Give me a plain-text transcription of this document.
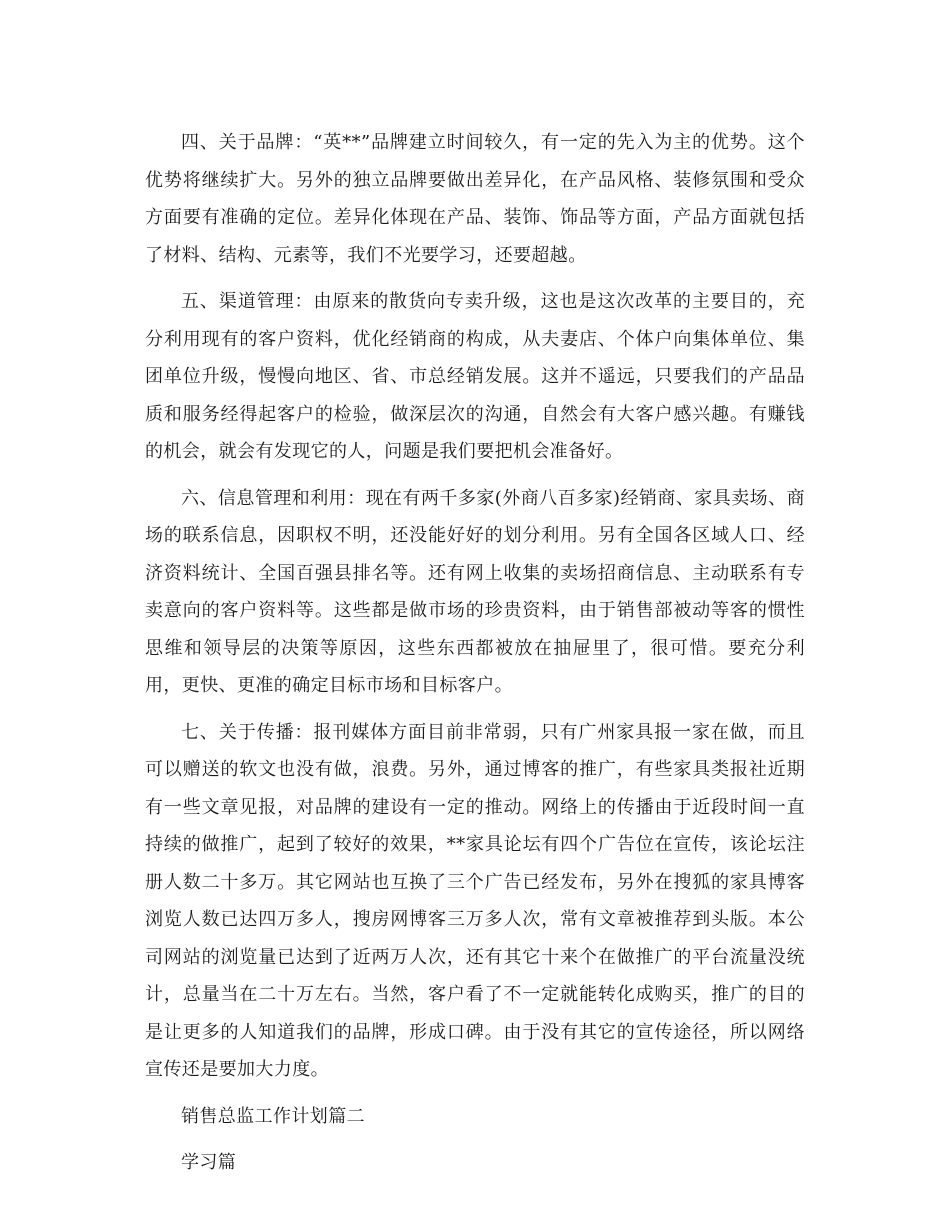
四、关于品牌：“英**”品牌建立时间较久，有一定的先入为主的优势。这个优势将继续扩大。另外的独立品牌要做出差异化，在产品风格、装修氛围和受众方面要有准确的定位。差异化体现在产品、装饰、饰品等方面，产品方面就包括了材料、结构、元素等，我们不光要学习，还要超越。

五、渠道管理：由原来的散货向专卖升级，这也是这次改革的主要目的，充分利用现有的客户资料，优化经销商的构成，从夫妻店、个体户向集体单位、集团单位升级，慢慢向地区、省、市总经销发展。这并不遥远，只要我们的产品品质和服务经得起客户的检验，做深层次的沟通，自然会有大客户感兴趣。有赚钱的机会，就会有发现它的人，问题是我们要把机会准备好。

六、信息管理和利用：现在有两千多家(外商八百多家)经销商、家具卖场、商场的联系信息，因职权不明，还没能好好的划分利用。另有全国各区域人口、经济资料统计、全国百强县排名等。还有网上收集的卖场招商信息、主动联系有专卖意向的客户资料等。这些都是做市场的珍贵资料，由于销售部被动等客的惯性思维和领导层的决策等原因，这些东西都被放在抽屉里了，很可惜。要充分利用，更快、更准的确定目标市场和目标客户。

七、关于传播：报刊媒体方面目前非常弱，只有广州家具报一家在做，而且可以赠送的软文也没有做，浪费。另外，通过博客的推广，有些家具类报社近期有一些文章见报，对品牌的建设有一定的推动。网络上的传播由于近段时间一直持续的做推广，起到了较好的效果，**家具论坛有四个广告位在宣传，该论坛注册人数二十多万。其它网站也互换了三个广告已经发布，另外在搜狐的家具博客浏览人数已达四万多人，搜房网博客三万多人次，常有文章被推荐到头版。本公司网站的浏览量已达到了近两万人次，还有其它十来个在做推广的平台流量没统计，总量当在二十万左右。当然，客户看了不一定就能转化成购买，推广的目的是让更多的人知道我们的品牌，形成口碑。由于没有其它的宣传途径，所以网络宣传还是要加大力度。

销售总监工作计划篇二

学习篇
